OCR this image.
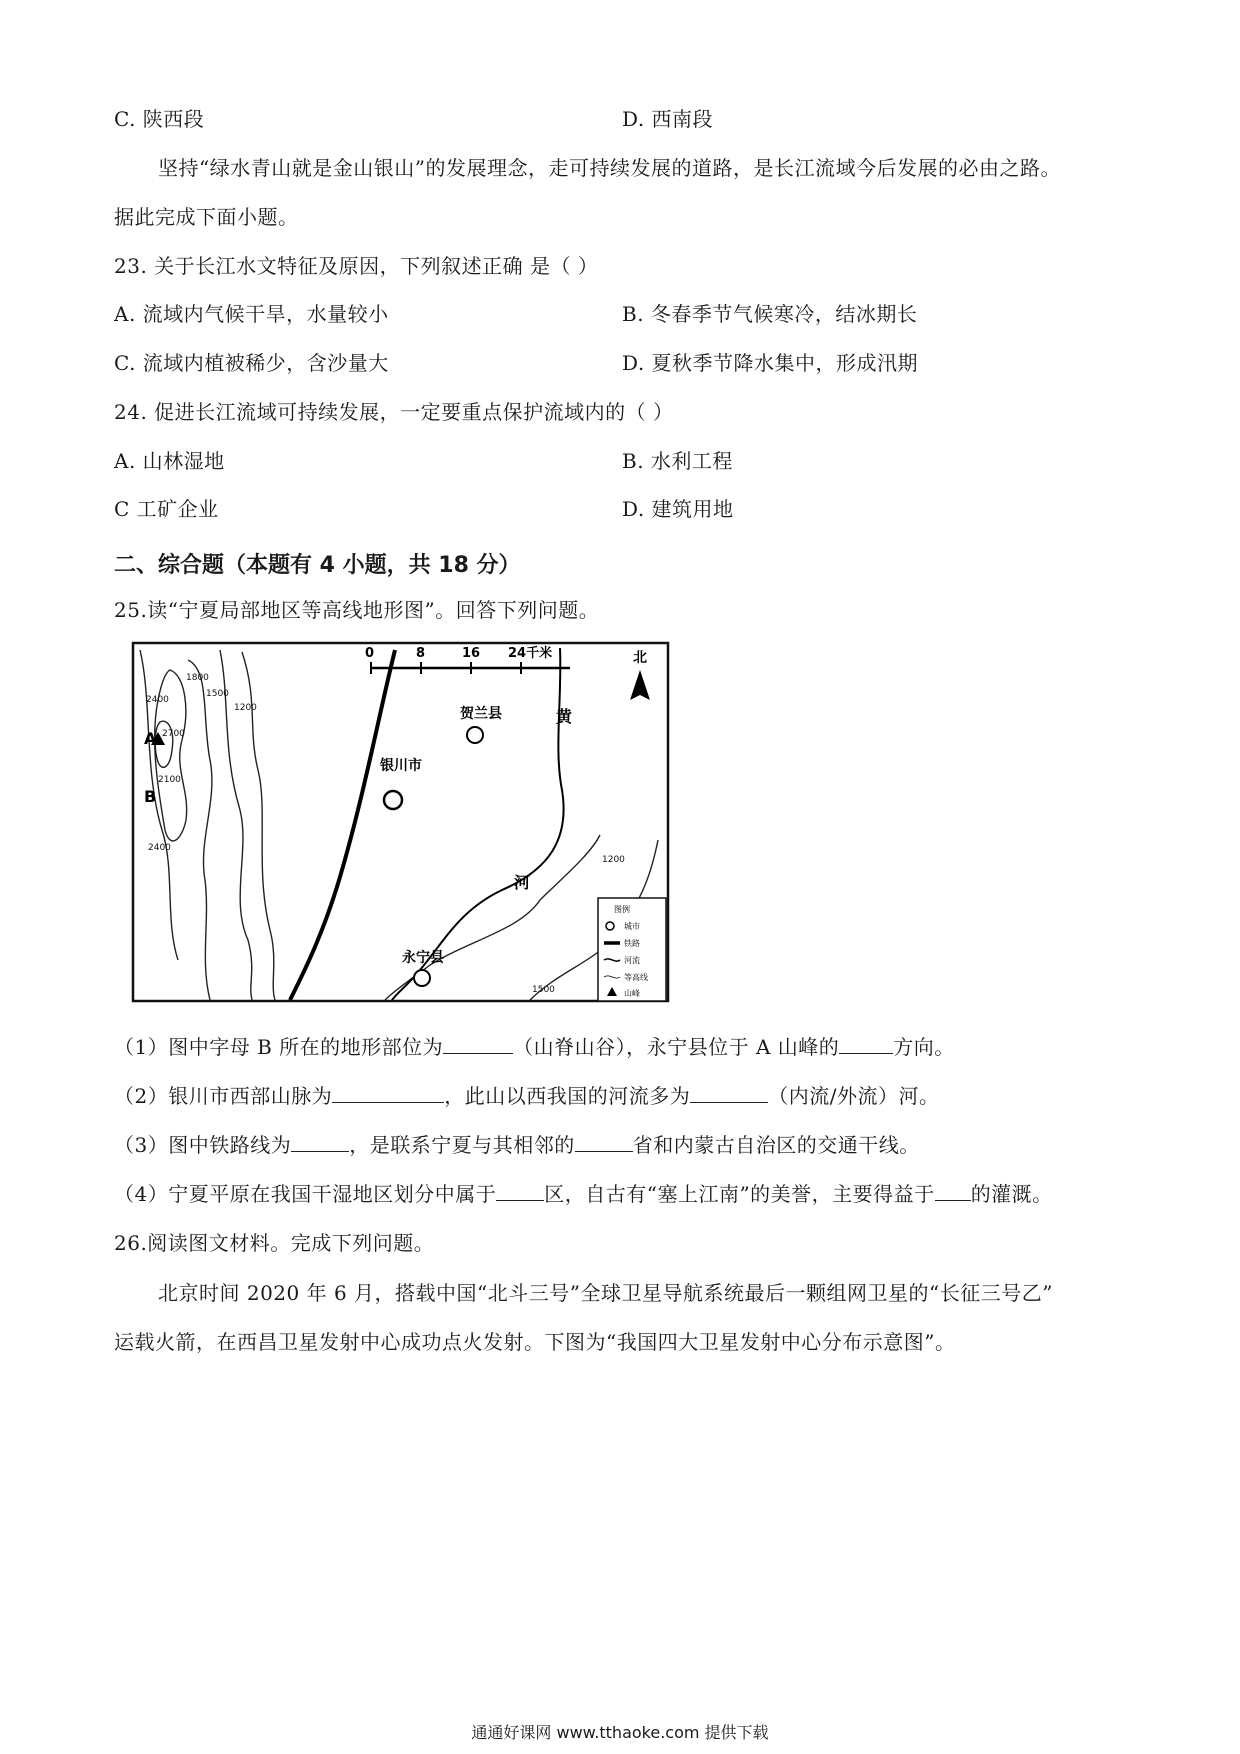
C. 陕西段	D. 西南段
坚持“绿水青山就是金山银山”的发展理念，走可持续发展的道路，是长江流域今后发展的必由之路。
据此完成下面小题。
23. 关于长江水文特征及原因，下列叙述正确 是（ ）
A. 流域内气候干旱，水量较小	B. 冬春季节气候寒冷，结冰期长
C. 流域内植被稀少，含沙量大	D. 夏秋季节降水集中，形成汛期
24. 促进长江流域可持续发展，一定要重点保护流域内的（ ）
A. 山林湿地	B. 水利工程
C 工矿企业	D. 建筑用地
二、综合题（本题有 4 小题，共 18 分）
25.读“宁夏局部地区等高线地形图”。回答下列问题。
A
B
1800
1500
1200
2400
2700
2100
2400
1200
1500
0	8	16 24千米	北
贺兰县
银川市
永宁县
黄
河
图例
城市
铁路
河流
等高线
山峰
（1）图中字母 B 所在的地形部位为	（山脊山谷），永宁县位于 A 山峰的	方向。
（2）银川市西部山脉为	，此山以西我国的河流多为	（内流/外流）河。
（3）图中铁路线为	，是联系宁夏与其相邻的	省和内蒙古自治区的交通干线。
（4）宁夏平原在我国干湿地区划分中属于 区，自古有“塞上江南”的美誉，主要得益于 的灌溉。
26.阅读图文材料。完成下列问题。
北京时间 2020 年 6 月，搭载中国“北斗三号”全球卫星导航系统最后一颗组网卫星的“长征三号乙”
运载火箭，在西昌卫星发射中心成功点火发射。下图为“我国四大卫星发射中心分布示意图”。
通通好课网 www.tthaoke.com 提供下载
